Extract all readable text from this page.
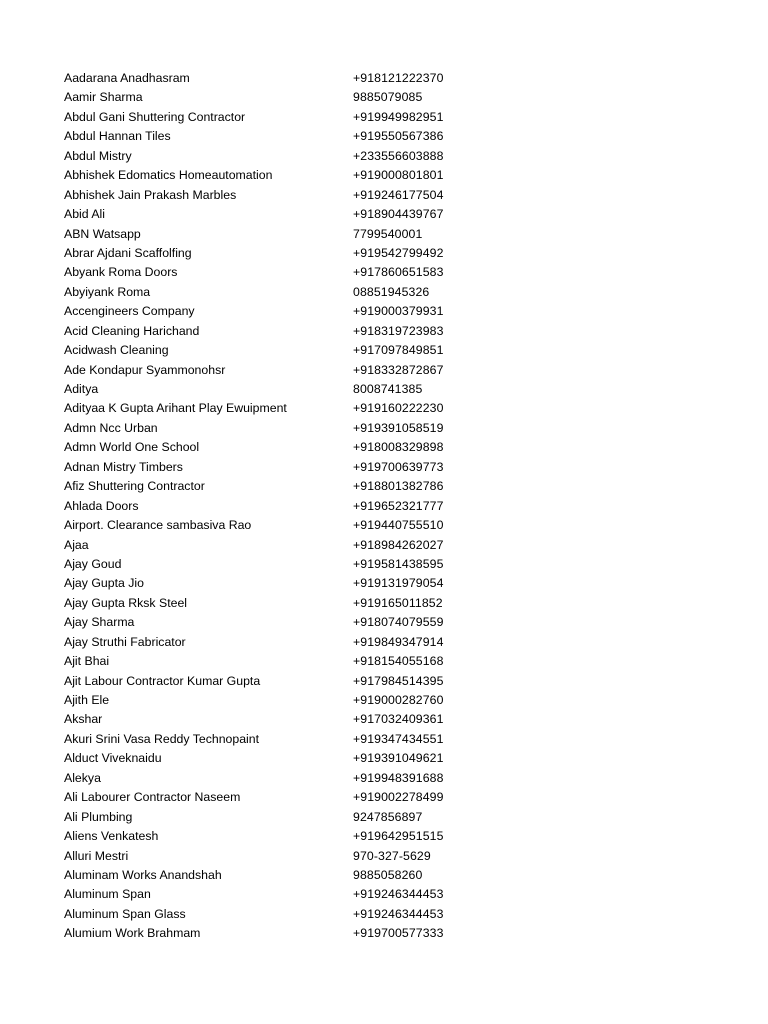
Aadarana Anadhasram	+918121222370
Aamir Sharma	9885079085
Abdul Gani Shuttering Contractor	+919949982951
Abdul Hannan Tiles	+919550567386
Abdul Mistry	+233556603888
Abhishek Edomatics Homeautomation	+919000801801
Abhishek Jain Prakash Marbles	+919246177504
Abid Ali	+918904439767
ABN Watsapp	7799540001
Abrar Ajdani Scaffolfing	+919542799492
Abyank Roma Doors	+917860651583
Abyiyank Roma	08851945326
Accengineers Company	+919000379931
Acid Cleaning Harichand	+918319723983
Acidwash Cleaning	+917097849851
Ade Kondapur Syammonohsr	+918332872867
Aditya	8008741385
Adityaa K Gupta Arihant Play Ewuipment	+919160222230
Admn Ncc Urban	+919391058519
Admn World One School	+918008329898
Adnan Mistry Timbers	+919700639773
Afiz Shuttering Contractor	+918801382786
Ahlada Doors	+919652321777
Airport. Clearance sambasiva Rao	+919440755510
Ajaa	+918984262027
Ajay Goud	+919581438595
Ajay Gupta Jio	+919131979054
Ajay Gupta Rksk Steel	+919165011852
Ajay Sharma	+918074079559
Ajay Struthi Fabricator	+919849347914
Ajit Bhai	+918154055168
Ajit Labour Contractor Kumar Gupta	+917984514395
Ajith Ele	+919000282760
Akshar	+917032409361
Akuri Srini Vasa Reddy Technopaint	+919347434551
Alduct Viveknaidu	+919391049621
Alekya	+919948391688
Ali Labourer Contractor Naseem	+919002278499
Ali Plumbing	9247856897
Aliens Venkatesh	+919642951515
Alluri Mestri	970-327-5629
Aluminam Works Anandshah	9885058260
Aluminum Span	+919246344453
Aluminum Span Glass	+919246344453
Alumium Work Brahmam	+919700577333
